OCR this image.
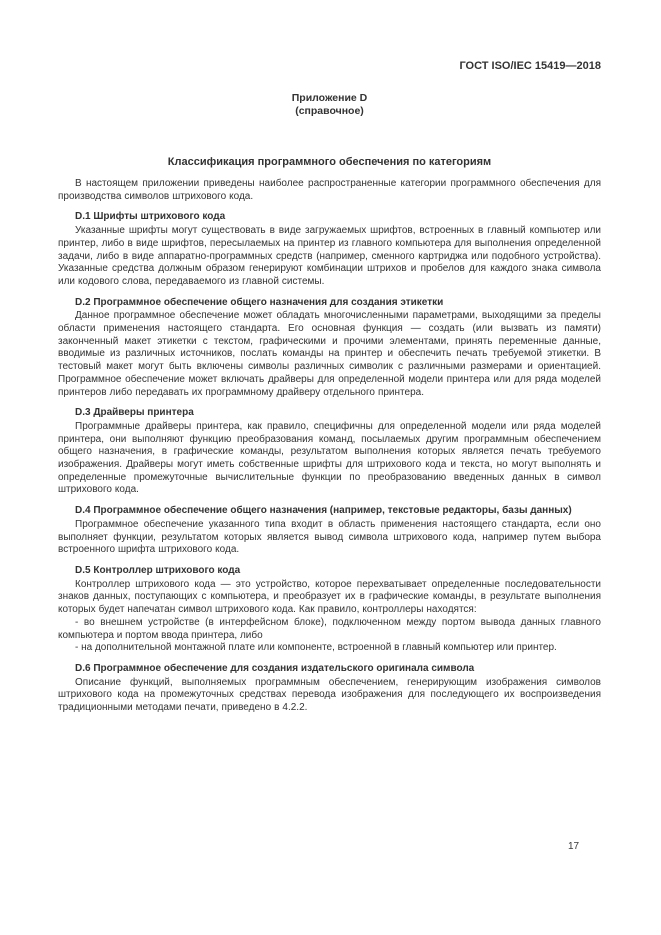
ГОСТ ISO/IEC 15419—2018
Приложение D
(справочное)
Классификация программного обеспечения по категориям

В настоящем приложении приведены наиболее распространенные категории программного обеспечения для производства символов штрихового кода.

D.1 Шрифты штрихового кода

Указанные шрифты могут существовать в виде загружаемых шрифтов, встроенных в главный компьютер или принтер, либо в виде шрифтов, пересылаемых на принтер из главного компьютера для выполнения определенной задачи, либо в виде аппаратно-программных средств (например, сменного картриджа или подобного устройства). Указанные средства должным образом генерируют комбинации штрихов и пробелов для каждого знака символа или кодового слова, передаваемого из главной системы.

D.2 Программное обеспечение общего назначения для создания этикетки

Данное программное обеспечение может обладать многочисленными параметрами, выходящими за пределы области применения настоящего стандарта. Его основная функция — создать (или вызвать из памяти) законченный макет этикетки с текстом, графическими и прочими элементами, принять переменные данные, вводимые из различных источников, послать команды на принтер и обеспечить печать требуемой этикетки. В тестовый макет могут быть включены символы различных символик с различными размерами и ориентацией. Программное обеспечение может включать драйверы для определенной модели принтера или для ряда моделей принтеров либо передавать их программному драйверу отдельного принтера.

D.3 Драйверы принтера

Программные драйверы принтера, как правило, специфичны для определенной модели или ряда моделей принтера, они выполняют функцию преобразования команд, посылаемых другим программным обеспечением общего назначения, в графические команды, результатом выполнения которых является печать требуемого изображения. Драйверы могут иметь собственные шрифты для штрихового кода и текста, но могут выполнять и определенные промежуточные вычислительные функции по преобразованию введенных данных в символ штрихового кода.

D.4 Программное обеспечение общего назначения (например, текстовые редакторы, базы данных)

Программное обеспечение указанного типа входит в область применения настоящего стандарта, если оно выполняет функции, результатом которых является вывод символа штрихового кода, например путем выбора встроенного шрифта штрихового кода.

D.5 Контроллер штрихового кода

Контроллер штрихового кода — это устройство, которое перехватывает определенные последовательности знаков данных, поступающих с компьютера, и преобразует их в графические команды, в результате выполнения которых будет напечатан символ штрихового кода. Как правило, контроллеры находятся:

- во внешнем устройстве (в интерфейсном блоке), подключенном между портом вывода данных главного компьютера и портом ввода принтера, либо

- на дополнительной монтажной плате или компоненте, встроенной в главный компьютер или принтер.

D.6 Программное обеспечение для создания издательского оригинала символа

Описание функций, выполняемых программным обеспечением, генерирующим изображения символов штрихового кода на промежуточных средствах перевода изображения для последующего их воспроизведения традиционными методами печати, приведено в 4.2.2.

17
